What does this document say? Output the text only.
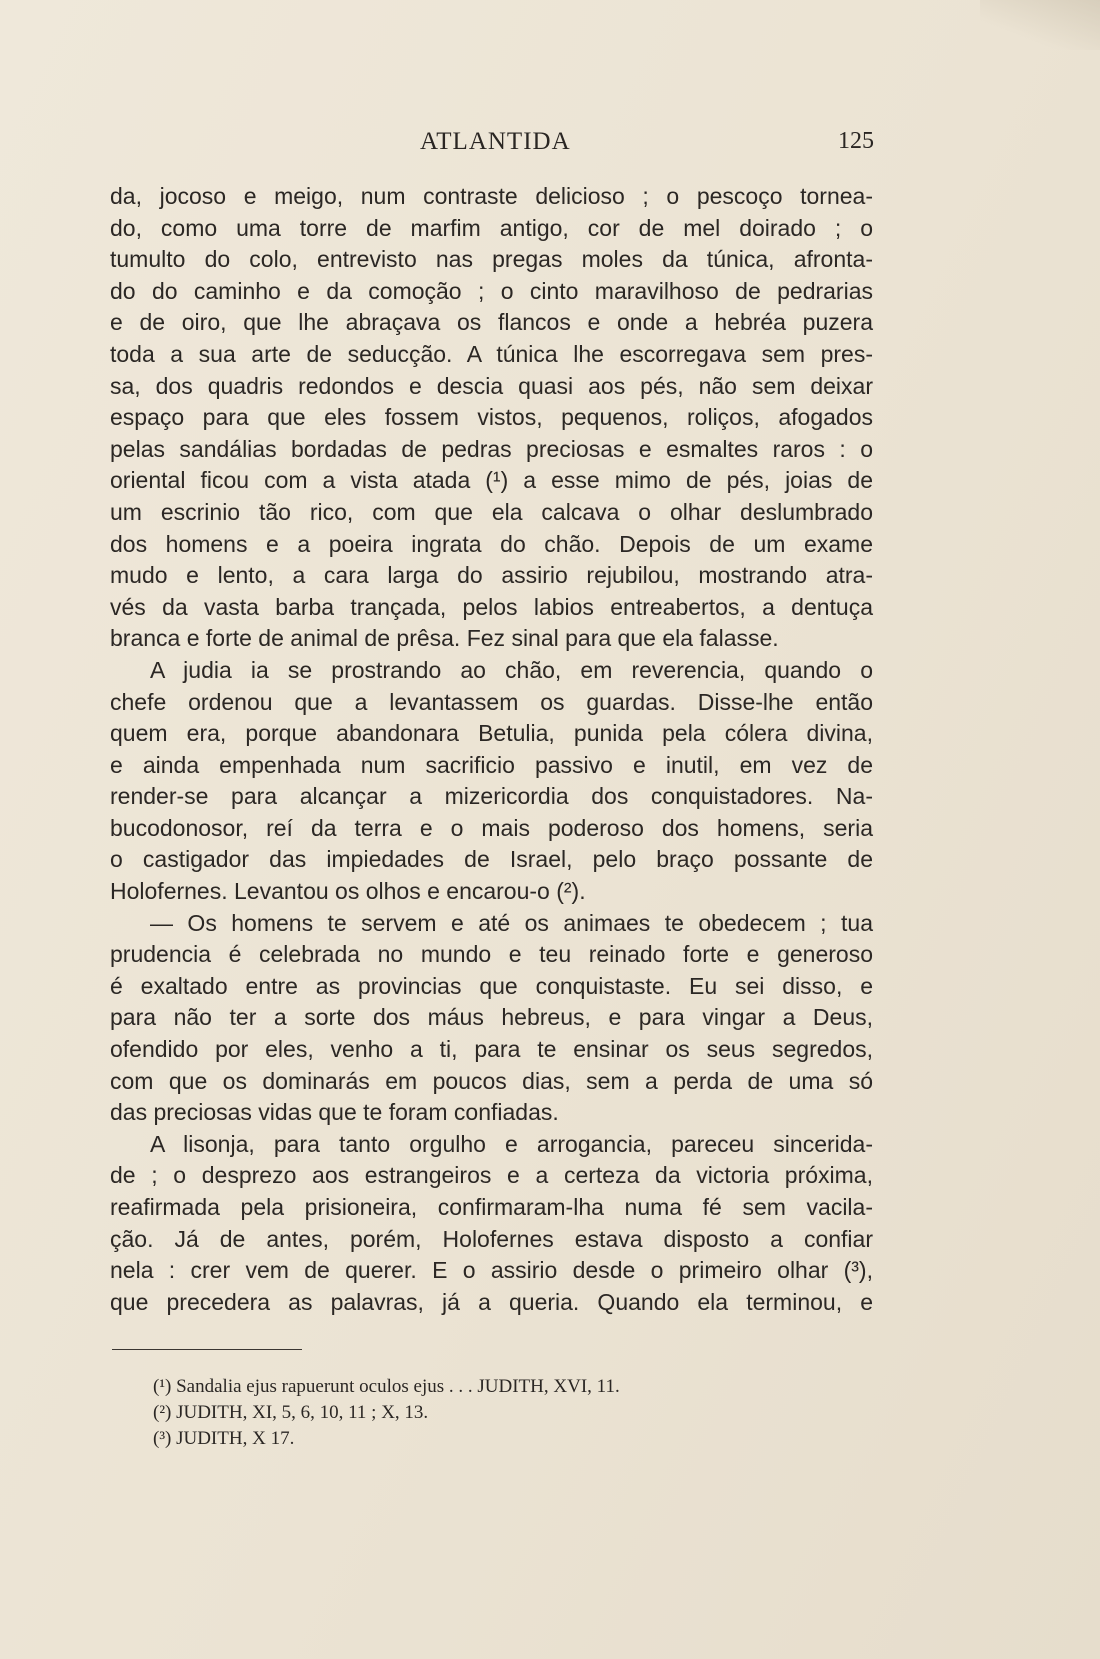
ATLANTIDA	125
da, jocoso e meigo, num contraste delicioso ; o pescoço tornea-
do, como uma torre de marfim antigo, cor de mel doirado ; o
tumulto do colo, entrevisto nas pregas moles da túnica, afronta-
do do caminho e da comoção ; o cinto maravilhoso de pedrarias
e de oiro, que lhe abraçava os flancos e onde a hebréa puzera
toda a sua arte de seducção. A túnica lhe escorregava sem pres-
sa, dos quadris redondos e descia quasi aos pés, não sem deixar
espaço para que eles fossem vistos, pequenos, roliços, afogados
pelas sandálias bordadas de pedras preciosas e esmaltes raros : o
oriental ficou com a vista atada (¹) a esse mimo de pés, joias de
um escrinio tão rico, com que ela calcava o olhar deslumbrado
dos homens e a poeira ingrata do chão. Depois de um exame
mudo e lento, a cara larga do assirio rejubilou, mostrando atra-
vés da vasta barba trançada, pelos labios entreabertos, a dentuça
branca e forte de animal de prêsa. Fez sinal para que ela falasse.
A judia ia se prostrando ao chão, em reverencia, quando o
chefe ordenou que a levantassem os guardas. Disse-lhe então
quem era, porque abandonara Betulia, punida pela cólera divina,
e ainda empenhada num sacrificio passivo e inutil, em vez de
render-se para alcançar a mizericordia dos conquistadores. Na-
bucodonosor, reí da terra e o mais poderoso dos homens, seria
o castigador das impiedades de Israel, pelo braço possante de
Holofernes. Levantou os olhos e encarou-o (²).
— Os homens te servem e até os animaes te obedecem ; tua
prudencia é celebrada no mundo e teu reinado forte e generoso
é exaltado entre as provincias que conquistaste. Eu sei disso, e
para não ter a sorte dos máus hebreus, e para vingar a Deus,
ofendido por eles, venho a ti, para te ensinar os seus segredos,
com que os dominarás em poucos dias, sem a perda de uma só
das preciosas vidas que te foram confiadas.
A lisonja, para tanto orgulho e arrogancia, pareceu sincerida-
de ; o desprezo aos estrangeiros e a certeza da victoria próxima,
reafirmada pela prisioneira, confirmaram-lha numa fé sem vacila-
ção. Já de antes, porém, Holofernes estava disposto a confiar
nela : crer vem de querer. E o assirio desde o primeiro olhar (³),
que precedera as palavras, já a queria. Quando ela terminou, e
(¹) Sandalia ejus rapuerunt oculos ejus . . . JUDITH, XVI, 11.
(²) JUDITH, XI, 5, 6, 10, 11 ; X, 13.
(³) JUDITH, X 17.
